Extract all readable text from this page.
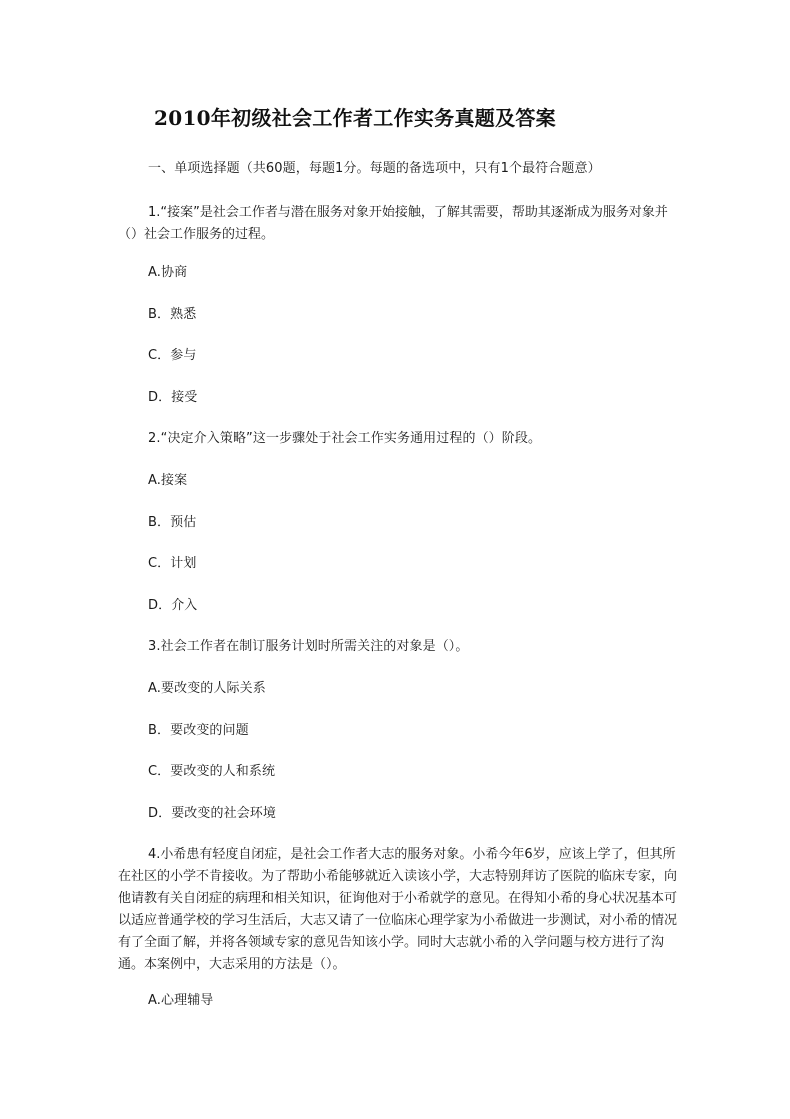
2010年初级社会工作者工作实务真题及答案
一、单项选择题（共60题，每题1分。每题的备选项中，只有1个最符合题意）
1.“接案”是社会工作者与潜在服务对象开始接触，了解其需要，帮助其逐渐成为服务对象并（）社会工作服务的过程。
A.协商
B．熟悉
C．参与
D．接受
2.“决定介入策略”这一步骤处于社会工作实务通用过程的（）阶段。
A.接案
B．预估
C．计划
D．介入
3.社会工作者在制订服务计划时所需关注的对象是（）。
A.要改变的人际关系
B．要改变的问题
C．要改变的人和系统
D．要改变的社会环境
4.小希患有轻度自闭症，是社会工作者大志的服务对象。小希今年6岁，应该上学了，但其所在社区的小学不肯接收。为了帮助小希能够就近入读该小学，大志特别拜访了医院的临床专家，向他请教有关自闭症的病理和相关知识，征询他对于小希就学的意见。在得知小希的身心状况基本可以适应普通学校的学习生活后，大志又请了一位临床心理学家为小希做进一步测试，对小希的情况有了全面了解，并将各领域专家的意见告知该小学。同时大志就小希的入学问题与校方进行了沟通。本案例中，大志采用的方法是（）。
A.心理辅导
